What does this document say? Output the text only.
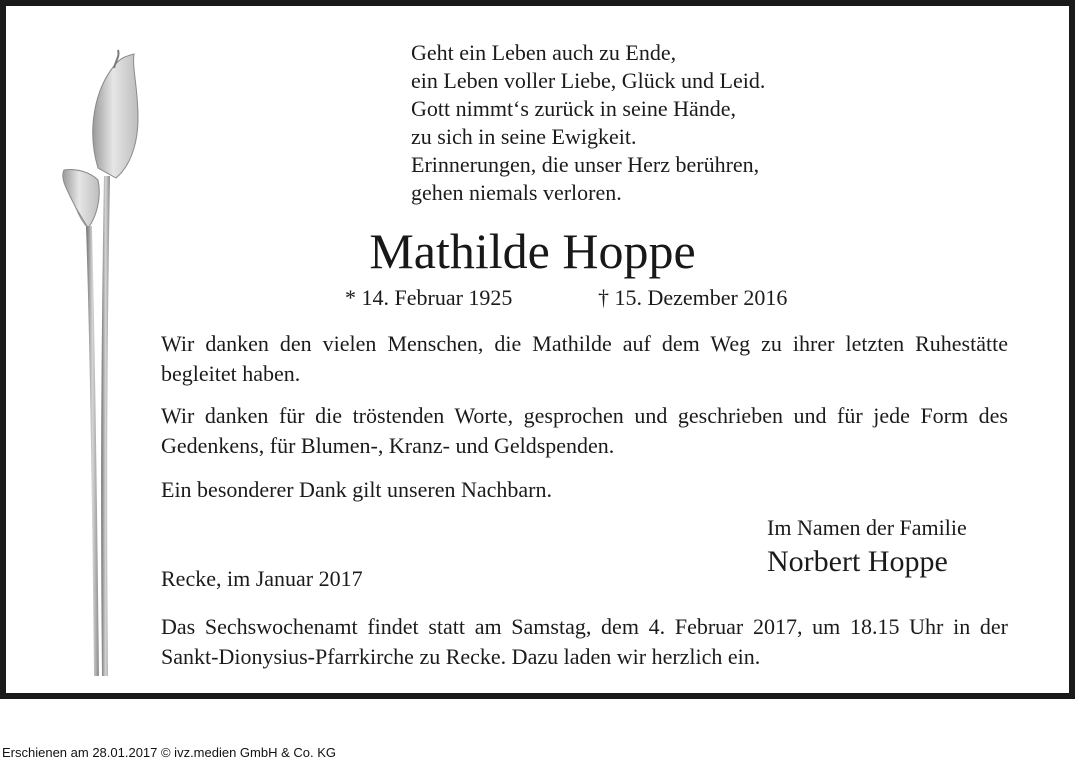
Geht ein Leben auch zu Ende,
ein Leben voller Liebe, Glück und Leid.
Gott nimmt‘s zurück in seine Hände,
zu sich in seine Ewigkeit.
Erinnerungen, die unser Herz berühren,
gehen niemals verloren.
Mathilde Hoppe
* 14. Februar 1925	† 15. Dezember 2016

Wir danken den vielen Menschen, die Mathilde auf dem Weg zu ihrer letzten Ruhestätte begleitet haben.

Wir danken für die tröstenden Worte, gesprochen und geschrieben und für jede Form des Gedenkens, für Blumen-, Kranz- und Geldspenden.

Ein besonderer Dank gilt unseren Nachbarn.

Im Namen der Familie
Norbert Hoppe
Recke, im Januar 2017

Das Sechswochenamt findet statt am Samstag, dem 4. Februar 2017, um 18.15 Uhr in der Sankt-Dionysius-Pfarrkirche zu Recke. Dazu laden wir herzlich ein.

Erschienen am 28.01.2017 © ivz.medien GmbH & Co. KG
